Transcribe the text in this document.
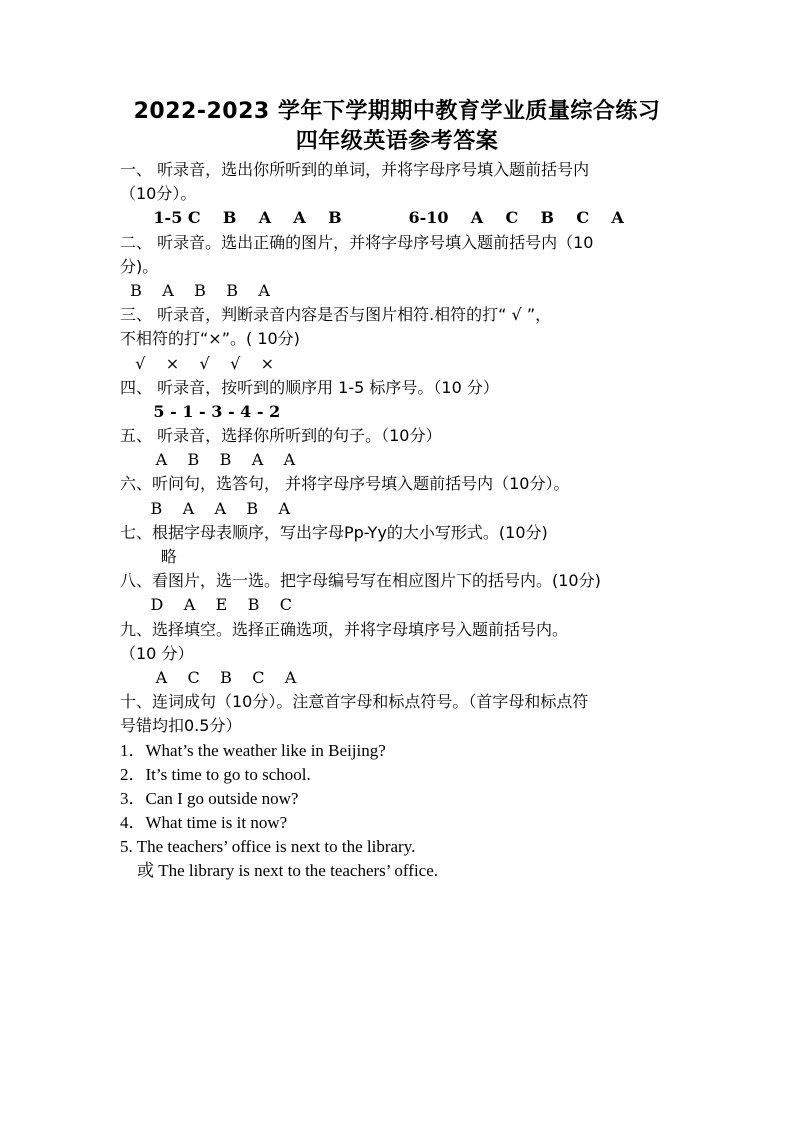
2022-2023 学年下学期期中教育学业质量综合练习
四年级英语参考答案
一、 听录音，选出你所听到的单词，并将字母序号填入题前括号内
（10分）。
1-5 C    B    A    A    B            6-10    A    C    B    C    A
二、 听录音。选出正确的图片，并将字母序号填入题前括号内（10
分)。
B    A    B    B    A
三、 听录音，判断录音内容是否与图片相符.相符的打“ √ ”，
不相符的打“×”。( 10分)
√    ×    √    √    ×
四、 听录音，按听到的顺序用 1-5 标序号。（10 分）
5 - 1 - 3 - 4 - 2
五、 听录音，选择你所听到的句子。（10分）
A    B    B    A    A
六、听问句，选答句， 并将字母序号填入题前括号内（10分）。
B    A    A    B    A
七、根据字母表顺序，写出字母Pp-Yy的大小写形式。(10分)
略
八、看图片，选一选。把字母编号写在相应图片下的括号内。(10分)
D    A    E    B    C
九、选择填空。选择正确选项，并将字母填序号入题前括号内。
（10 分）
A    C    B    C    A
十、连词成句（10分）。注意首字母和标点符号。（首字母和标点符
号错均扣0.5分）
1．What’s the weather like in Beijing?
2．It’s time to go to school.
3．Can I go outside now?
4．What time is it now?
5. The teachers’ office is next to the library.
或 The library is next to the teachers’ office.
